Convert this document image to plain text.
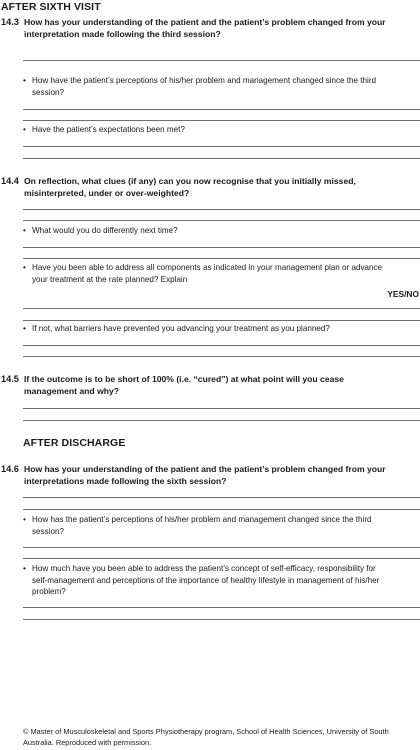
AFTER SIXTH VISIT
14.3 How has your understanding of the patient and the patient’s problem changed from your interpretation made following the third session?
• How have the patient’s perceptions of his/her problem and management changed since the third session?
• Have the patient’s expectations been met?
14.4 On reflection, what clues (if any) can you now recognise that you initially missed, misinterpreted, under or over-weighted?
• What would you do differently next time?
• Have you been able to address all components as indicated in your management plan or advance your treatment at the rate planned? Explain
YES/NO
• If not, what barriers have prevented you advancing your treatment as you planned?
14.5 If the outcome is to be short of 100% (i.e. “cured”) at what point will you cease management and why?
AFTER DISCHARGE
14.6 How has your understanding of the patient and the patient’s problem changed from your interpretations made following the sixth session?
• How has the patient’s perceptions of his/her problem and management changed since the third session?
• How much have you been able to address the patient’s concept of self-efficacy, responsibility for self-management and perceptions of the importance of healthy lifestyle in management of his/her problem?
© Master of Musculoskeletal and Sports Physiotherapy program, School of Health Sciences, University of South Australia. Reproduced with permission.
